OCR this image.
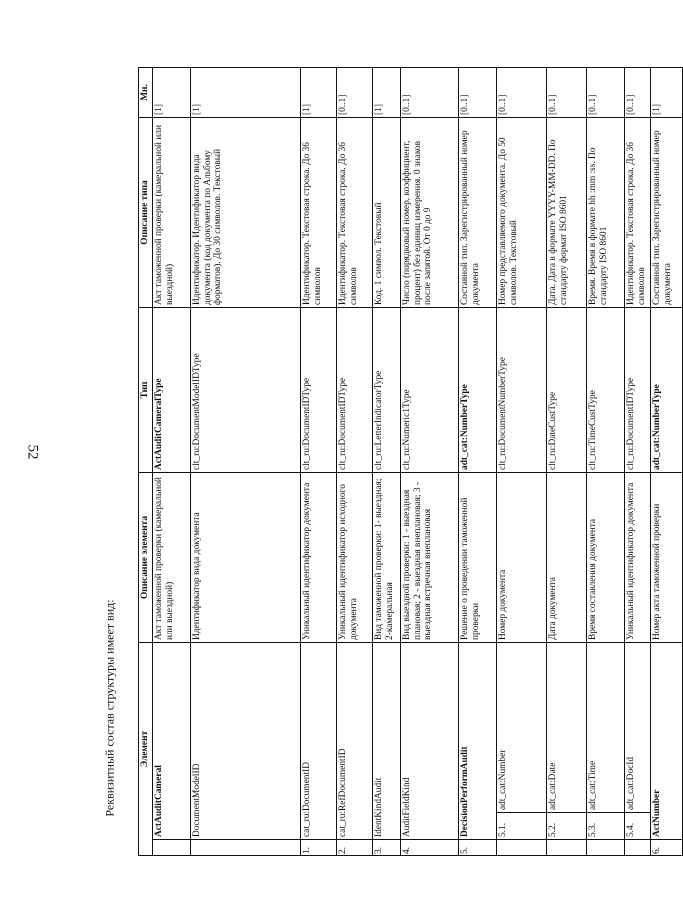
52
Реквизитный состав структуры имеет вид:	Элемент			Описание элемента	Тип	Описание типа	Мн.
	ActAuditCameral		Акт таможенной проверки (камеральной или выездной)	ActAuditCameralType	Акт таможенной проверки (камеральной или выездной)	[1]
	DocumentModelID		Идентификатор вида документа	clt_ru:DocumentModelIDType	Идентификатор. Идентификатор вида документа (код документа по Альбому форматов). До 30 символов. Текстовый	[1]
1.	cat_ru:DocumentID		Уникальный идентификатор документа	clt_ru:DocumentIDType	Идентификатор. Текстовая строка. До 36 символов	[1]
2.	cat_ru:RefDocumentID		Уникальный идентификатор исходного документа	clt_ru:DocumentIDType	Идентификатор. Текстовая строка. До 36 символов	[0..1]
3.	IdentKindAudit		Вид таможенной проверки: 1- выездная; 2-камеральная	clt_ru:LetterIndicatorType	Код. 1 символ. Текстовый	[1]
4.	AuditFieldKind		Вид выездной проверки: 1 - выездная плановая; 2 - выездная внеплановая; 3 - выездная встречная внеплановая	clt_ru:Numeric1Type	Число (порядковый номер, коэффициент, процент) без единиц измерения. 0 знаков после запятой. От 0 до 9	[0..1]
5.	DecisionPerformAudit		Решение о проведении таможенной проверки	adt_cat:NumberType	Составной тип. Зарегистрированный номер документа	[0..1]
	5.1.	adt_cat:Number	Номер документа	clt_ru:DocumentNumberType	Номер представляемого документа. До 50 символов. Текстовый	[0..1]
	5.2.	adt_cat:Date	Дата документа	clt_ru:DateCustType	Дата. Дата в формате YYYY-MM-DD. По стандарту формат ISO 8601	[0..1]
	5.3.	adt_cat:Time	Время составления документа	clt_ru:TimeCustType	Время. Время в формате hh :mm :ss. По стандарту ISO 8601	[0..1]
	5.4.	adt_cat:DocId	Уникальный идентификатор документа	clt_ru:DocumentIDType	Идентификатор. Текстовая строка. До 36 символов	[0..1]
6.	ActNumber		Номер акта таможенной проверки	adt_cat:NumberType	Составной тип. Зарегистрированный номер документа	[1]
